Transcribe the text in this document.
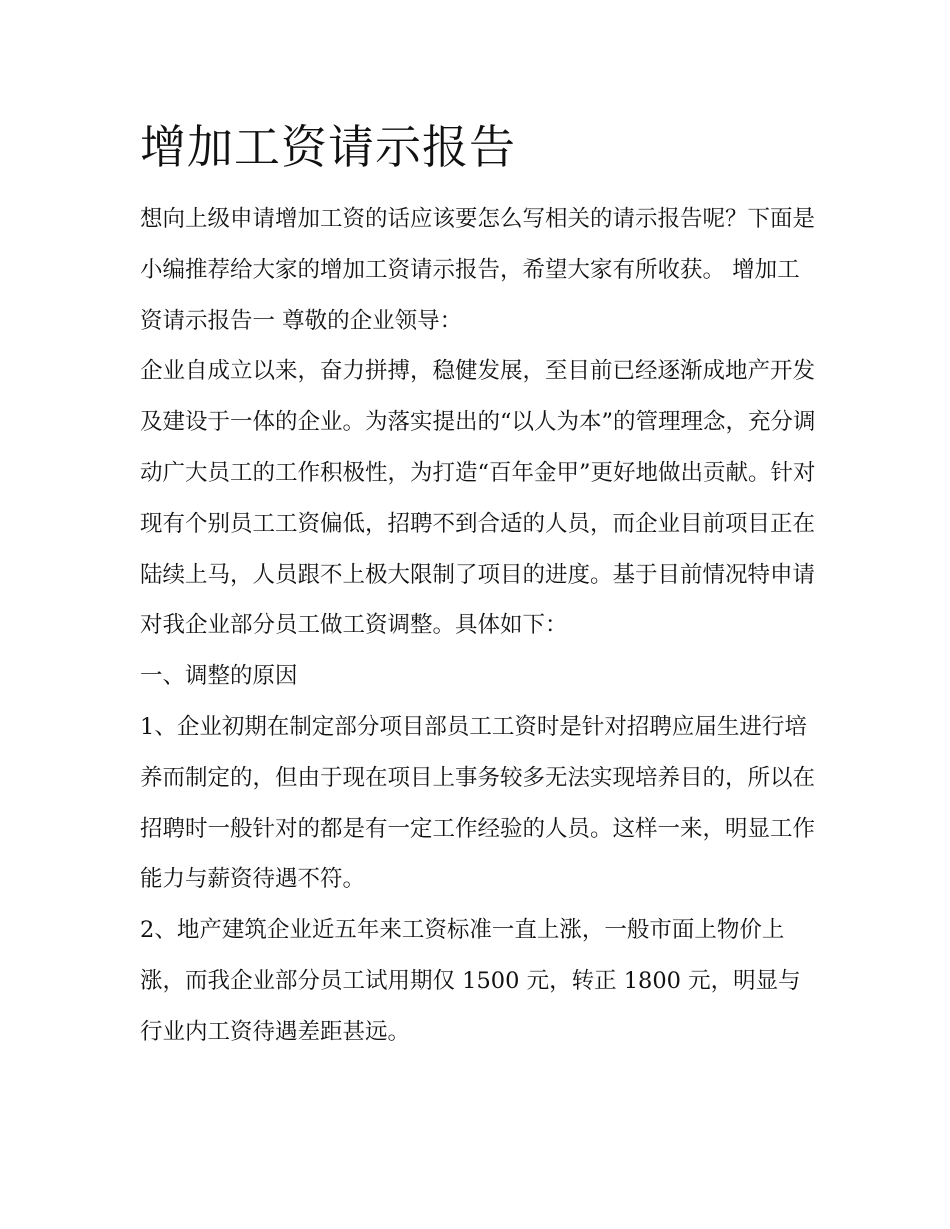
增加工资请示报告
想向上级申请增加工资的话应该要怎么写相关的请示报告呢？下面是小编推荐给大家的增加工资请示报告，希望大家有所收获。 增加工资请示报告一 尊敬的企业领导：
企业自成立以来，奋力拼搏，稳健发展，至目前已经逐渐成地产开发及建设于一体的企业。为落实提出的“以人为本”的管理理念，充分调动广大员工的工作积极性，为打造“百年金甲”更好地做出贡献。针对现有个别员工工资偏低，招聘不到合适的人员，而企业目前项目正在陆续上马，人员跟不上极大限制了项目的进度。基于目前情况特申请对我企业部分员工做工资调整。具体如下：
一、调整的原因
1、企业初期在制定部分项目部员工工资时是针对招聘应届生进行培养而制定的，但由于现在项目上事务较多无法实现培养目的，所以在招聘时一般针对的都是有一定工作经验的人员。这样一来，明显工作能力与薪资待遇不符。
2、地产建筑企业近五年来工资标准一直上涨，一般市面上物价上涨，而我企业部分员工试用期仅 1500 元，转正 1800 元，明显与行业内工资待遇差距甚远。
